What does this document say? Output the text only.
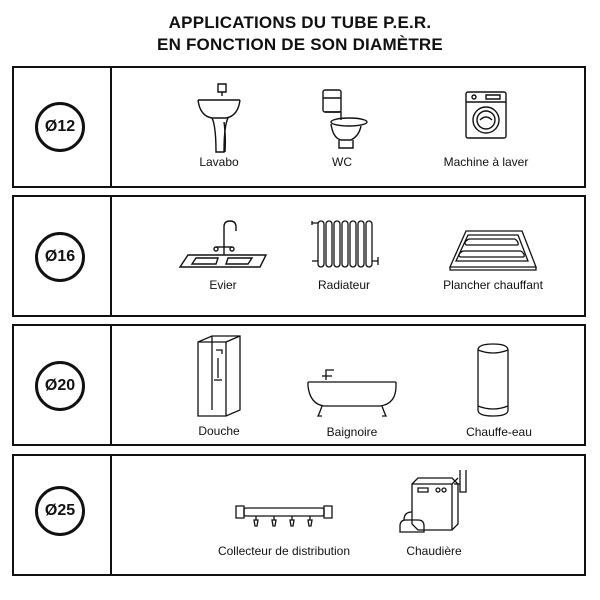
APPLICATIONS DU TUBE P.E.R.
EN FONCTION DE SON DIAMÈTRE
Ø12
Lavabo	WC	Machine à laver
Ø16
Evier	Radiateur	Plancher chauffant
Ø20
Douche	Baignoire	Chauffe-eau
Ø25
Collecteur de distribution	Chaudière
